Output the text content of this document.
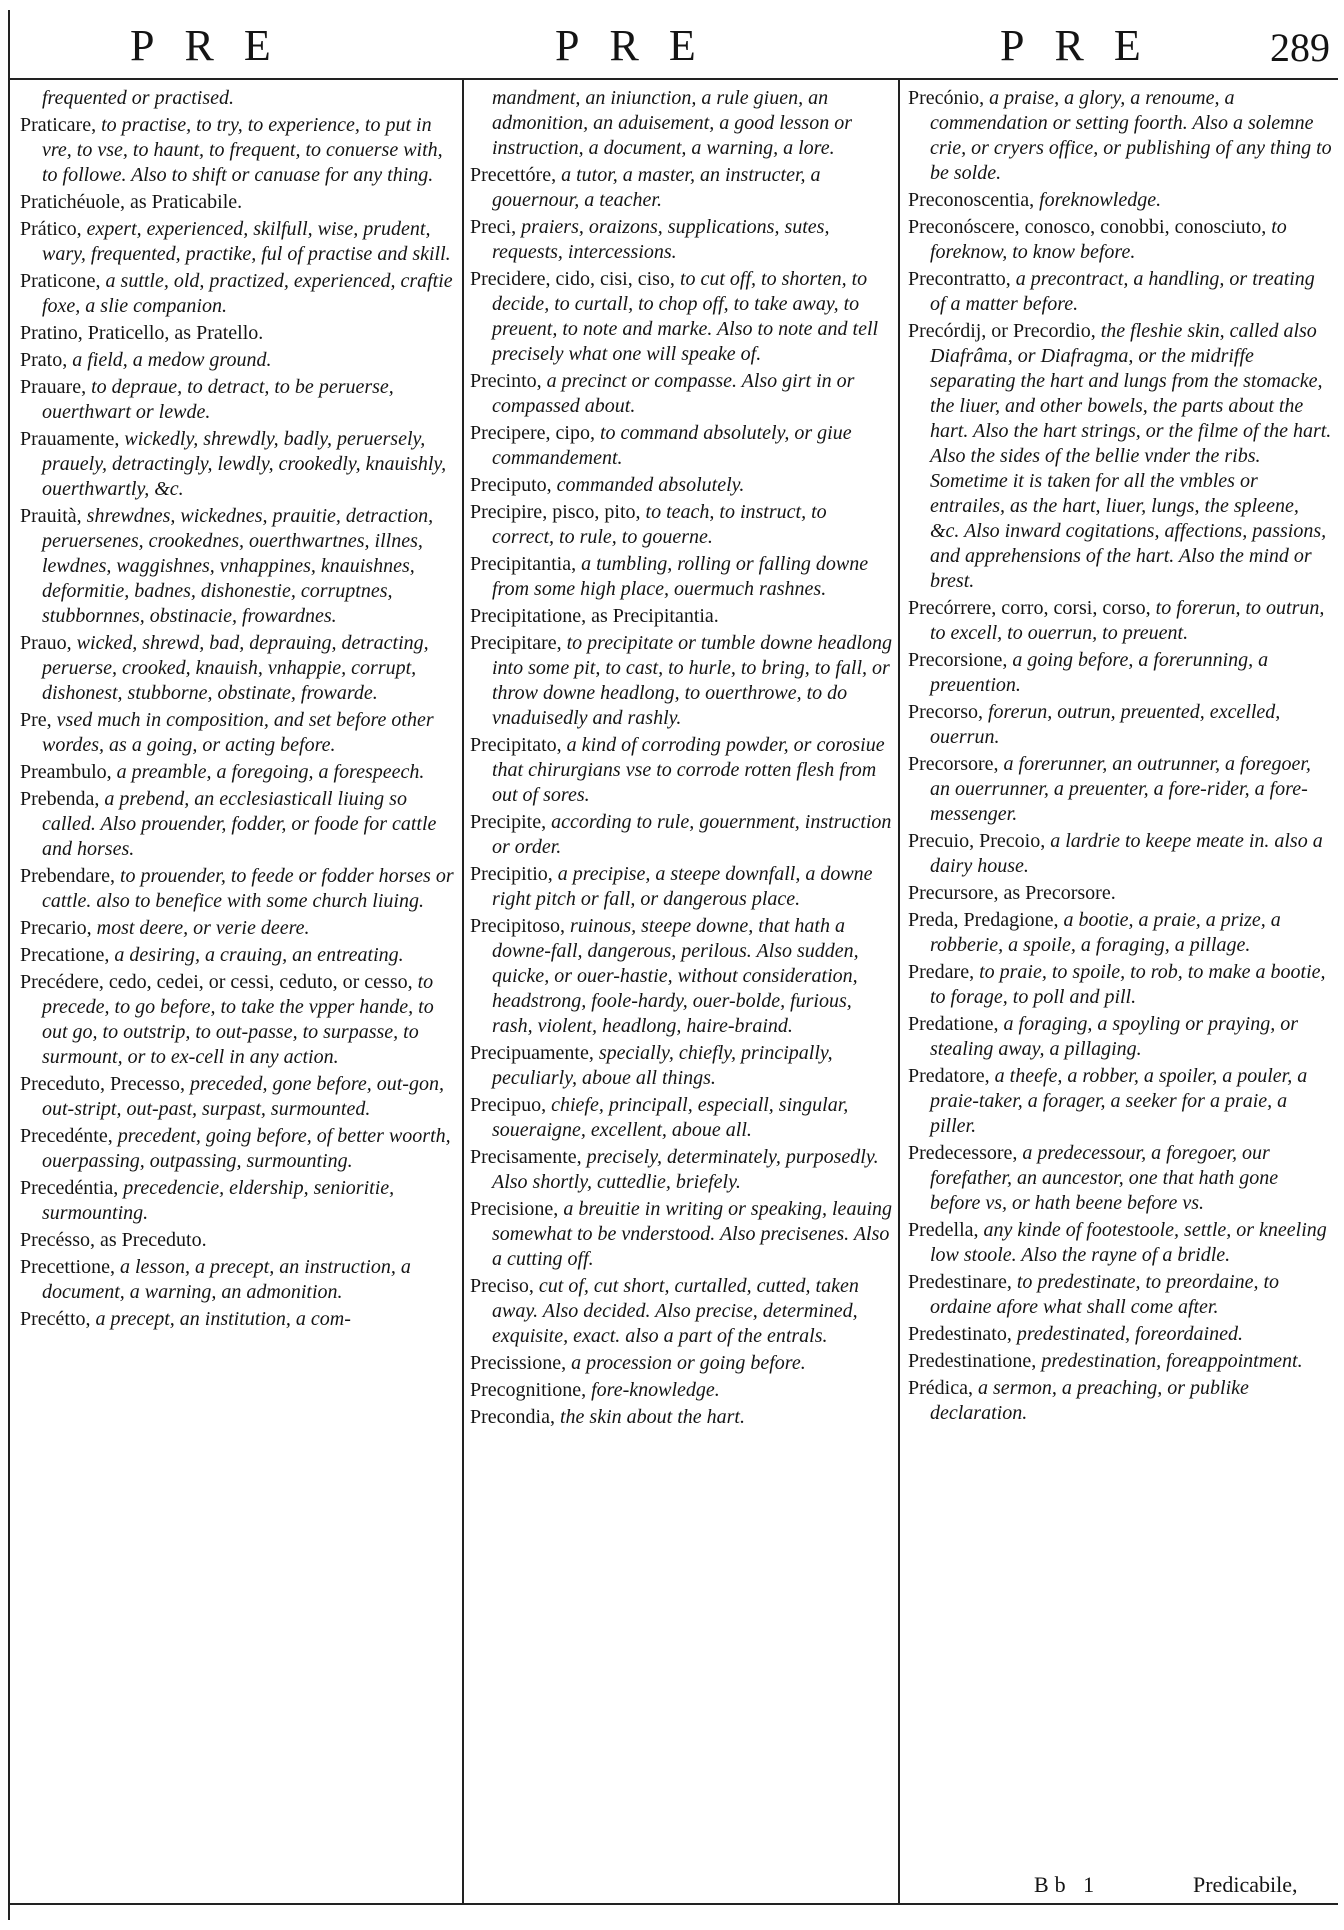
PRE	PRE	PRE 289
frequented or practised.
Praticare, to practise, to try, to experience, to put in vre, to vse, to haunt, to frequent, to conuerse with, to followe. Also to shift or canuase for any thing.
Pratichéuole, as Praticabile.
Prático, expert, experienced, skilfull, wise, prudent, wary, frequented, practike, ful of practise and skill.
Praticone, a suttle, old, practized, experienced, craftie foxe, a slie companion.
Pratino, Praticello, as Pratello.
Prato, a field, a medow ground.
Prauare, to depraue, to detract, to be peruerse, ouerthwart or lewde.
Prauamente, wickedly, shrewdly, badly, peruersely, prauely, detractingly, lewdly, crookedly, knauishly, ouerthwartly, &c.
Prauità, shrewdnes, wickednes, prauitie, detraction, peruersenes, crookednes, ouerthwartnes, illnes, lewdnes, waggishnes, vnhappines, knauishnes, deformitie, badnes, dishonestie, corruptnes, stubbornnes, obstinacie, frowardnes.
Prauo, wicked, shrewd, bad, deprauing, detracting, peruerse, crooked, knauish, vnhappie, corrupt, dishonest, stubborne, obstinate, frowarde.
Pre, vsed much in composition, and set before other wordes, as a going, or acting before.
Preambulo, a preamble, a foregoing, a forespeech.
Prebenda, a prebend, an ecclesiasticall liuing so called. Also prouender, fodder, or foode for cattle and horses.
Prebendare, to prouender, to feede or fodder horses or cattle. also to benefice with some church liuing.
Precario, most deere, or verie deere.
Precatione, a desiring, a crauing, an entreating.
Precédere, cedo, cedei, or cessi, ceduto, or cesso, to precede, to go before, to take the vpper hande, to out go, to outstrip, to out-passe, to surpasse, to surmount, or to ex-cell in any action.
Preceduto, Precesso, preceded, gone before, out-gon, out-stript, out-past, surpast, surmounted.
Precedénte, precedent, going before, of better woorth, ouerpassing, outpassing, surmounting.
Precedéntia, precedencie, eldership, senioritie, surmounting.
Precésso, as Preceduto.
Precettione, a lesson, a precept, an instruction, a document, a warning, an admonition.
Precétto, a precept, an institution, a com-
mandment, an iniunction, a rule giuen, an admonition, an aduisement, a good lesson or instruction, a document, a warning, a lore.
Precettóre, a tutor, a master, an instructer, a gouernour, a teacher.
Preci, praiers, oraizons, supplications, sutes, requests, intercessions.
Precidere, cido, cisi, ciso, to cut off, to shorten, to decide, to curtall, to chop off, to take away, to preuent, to note and marke. Also to note and tell precisely what one will speake of.
Precinto, a precinct or compasse. Also girt in or compassed about.
Precipere, cipo, to command absolutely, or giue commandement.
Preciputo, commanded absolutely.
Precipire, pisco, pito, to teach, to instruct, to correct, to rule, to gouerne.
Precipitantia, a tumbling, rolling or falling downe from some high place, ouermuch rashnes.
Precipitatione, as Precipitantia.
Precipitare, to precipitate or tumble downe headlong into some pit, to cast, to hurle, to bring, to fall, or throw downe headlong, to ouerthrowe, to do vnaduisedly and rashly.
Precipitato, a kind of corroding powder, or corosiue that chirurgians vse to corrode rotten flesh from out of sores.
Precipite, according to rule, gouernment, instruction or order.
Precipitio, a precipise, a steepe downfall, a downe right pitch or fall, or dangerous place.
Precipitoso, ruinous, steepe downe, that hath a downe-fall, dangerous, perilous. Also sudden, quicke, or ouer-hastie, without consideration, headstrong, foole-hardy, ouer-bolde, furious, rash, violent, headlong, haire-braind.
Precipuamente, specially, chiefly, principally, peculiarly, aboue all things.
Precipuo, chiefe, principall, especiall, singular, soueraigne, excellent, aboue all.
Precisamente, precisely, determinately, purposedly. Also shortly, cuttedlie, briefely.
Precisione, a breuitie in writing or speaking, leauing somewhat to be vnderstood. Also precisenes. Also a cutting off.
Preciso, cut of, cut short, curtalled, cutted, taken away. Also decided. Also precise, determined, exquisite, exact. also a part of the entrals.
Precissione, a procession or going before.
Precognitione, fore-knowledge.
Precondia, the skin about the hart.
Precónio, a praise, a glory, a renoume, a commendation or setting foorth. Also a solemne crie, or cryers office, or publishing of any thing to be solde.
Preconoscentia, foreknowledge.
Preconóscere, conosco, conobbi, conosciuto, to foreknow, to know before.
Precontratto, a precontract, a handling, or treating of a matter before.
Precórdij, or Precordio, the fleshie skin, called also Diafrâma, or Diafragma, or the midriffe separating the hart and lungs from the stomacke, the liuer, and other bowels, the parts about the hart. Also the hart strings, or the filme of the hart. Also the sides of the bellie vnder the ribs. Sometime it is taken for all the vmbles or entrailes, as the hart, liuer, lungs, the spleene, &c. Also inward cogitations, affections, passions, and apprehensions of the hart. Also the mind or brest.
Precórrere, corro, corsi, corso, to forerun, to outrun, to excell, to ouerrun, to preuent.
Precorsione, a going before, a forerunning, a preuention.
Precorso, forerun, outrun, preuented, excelled, ouerrun.
Precorsore, a forerunner, an outrunner, a foregoer, an ouerrunner, a preuenter, a fore-rider, a fore-messenger.
Precuio, Precoio, a lardrie to keepe meate in. also a dairy house.
Precursore, as Precorsore.
Preda, Predagione, a bootie, a praie, a prize, a robberie, a spoile, a foraging, a pillage.
Predare, to praie, to spoile, to rob, to make a bootie, to forage, to poll and pill.
Predatione, a foraging, a spoyling or praying, or stealing away, a pillaging.
Predatore, a theefe, a robber, a spoiler, a pouler, a praie-taker, a forager, a seeker for a praie, a piller.
Predecessore, a predecessour, a foregoer, our forefather, an auncestor, one that hath gone before vs, or hath beene before vs.
Predella, any kinde of footestoole, settle, or kneeling low stoole. Also the rayne of a bridle.
Predestinare, to predestinate, to preordaine, to ordaine afore what shall come after.
Predestinato, predestinated, foreordained.
Predestinatione, predestination, foreappointment.
Prédica, a sermon, a preaching, or publike declaration.
Bb 1	Predicabile,
